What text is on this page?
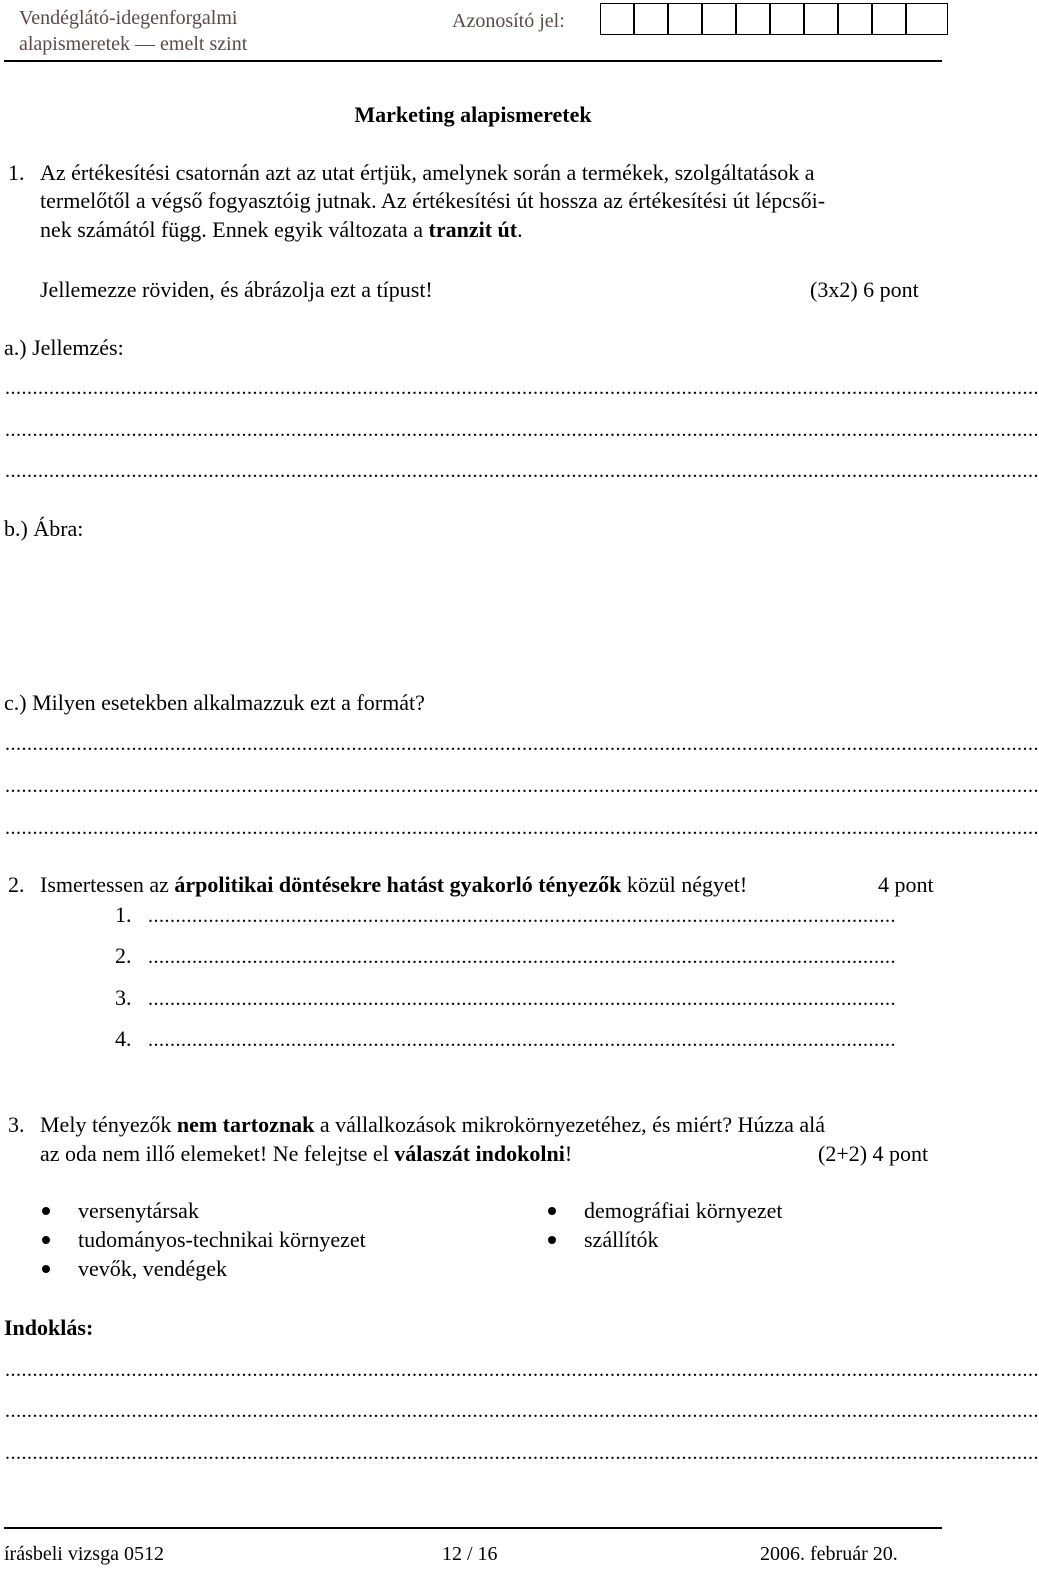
Vendéglátó-idegenforgalmi
alapismeretek — emelt szint
Azonosító jel:
Marketing alapismeretek
1. Az értékesítési csatornán azt az utat értjük, amelynek során a termékek, szolgáltatások a
termelőtől a végső fogyasztóig jutnak. Az értékesítési út hossza az értékesítési út lépcsői-
nek számától függ. Ennek egyik változata a tranzit út.
Jellemezze röviden, és ábrázolja ezt a típust!	(3x2) 6 pont
a.) Jellemzés:
............................................................................................................................................................................................
............................................................................................................................................................................................
............................................................................................................................................................................................
b.) Ábra:
c.) Milyen esetekben alkalmazzuk ezt a formát?
............................................................................................................................................................................................
............................................................................................................................................................................................
............................................................................................................................................................................................
2. Ismertessen az árpolitikai döntésekre hatást gyakorló tényezők közül négyet!	4 pont
1. ........................................................................................................................................
2. ........................................................................................................................................
3. ........................................................................................................................................
4. ........................................................................................................................................
3. Mely tényezők nem tartoznak a vállalkozások mikrokörnyezetéhez, és miért? Húzza alá
az oda nem illő elemeket! Ne felejtse el válaszát indokolni!	(2+2) 4 pont
versenytársak
tudományos-technikai környezet
vevők, vendégek
demográfiai környezet
szállítók
Indoklás:
............................................................................................................................................................................................
............................................................................................................................................................................................
............................................................................................................................................................................................
írásbeli vizsga 0512	12 / 16	2006. február 20.
